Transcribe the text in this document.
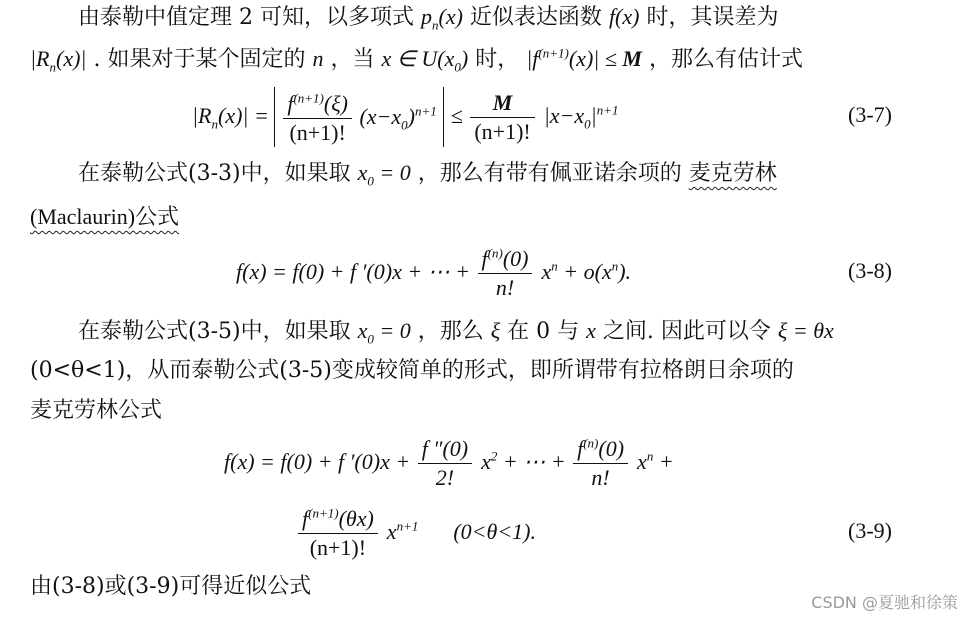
由泰勒中值定理 2 可知，以多项式 $p_n(x)$ 近似表达函数 f(x) 时，其误差为
$|R_n(x)|$ . 如果对于某个固定的 n ，当 x ∈ $U(x_0)$ 时， $|f^{(n+1)}(x)| \le M$ ，那么有估计式
$|R_n(x)| = \frac{f^{(n+1)}(\xi)}{(n+1)!} (x-x_0)^{n+1} \le \frac{M}{(n+1)!} |x-x_0|^{n+1}$	(3-7)
在泰勒公式(3-3)中，如果取 $x_0 = 0$ ，那么有带有佩亚诺余项的 麦克劳林
(Maclaurin)公式
f(x) = f(0) + f ′(0)x + ⋯ + $\frac{f^{(n)}(0)}{n!} x^n + o(x^n)$.	(3-8)
在泰勒公式(3-5)中，如果取 $x_0 = 0$ ，那么 ξ 在 0 与 x 之间. 因此可以令 ξ = θx
(0<θ<1)，从而泰勒公式(3-5)变成较简单的形式，即所谓带有拉格朗日余项的
麦克劳林公式
f(x) = f(0) + f $'(0)x + \frac{f ''(0)}{2!} x^2$ + ⋯ + $\frac{f^{(n)}(0)}{n!} x^n$ +
$\frac{f^{(n+1)}(\theta x)}{(n+1)!} x^{n+1}$ (0<θ<1).	(3-9)
由(3-8)或(3-9)可得近似公式
CSDN @夏驰和徐策
